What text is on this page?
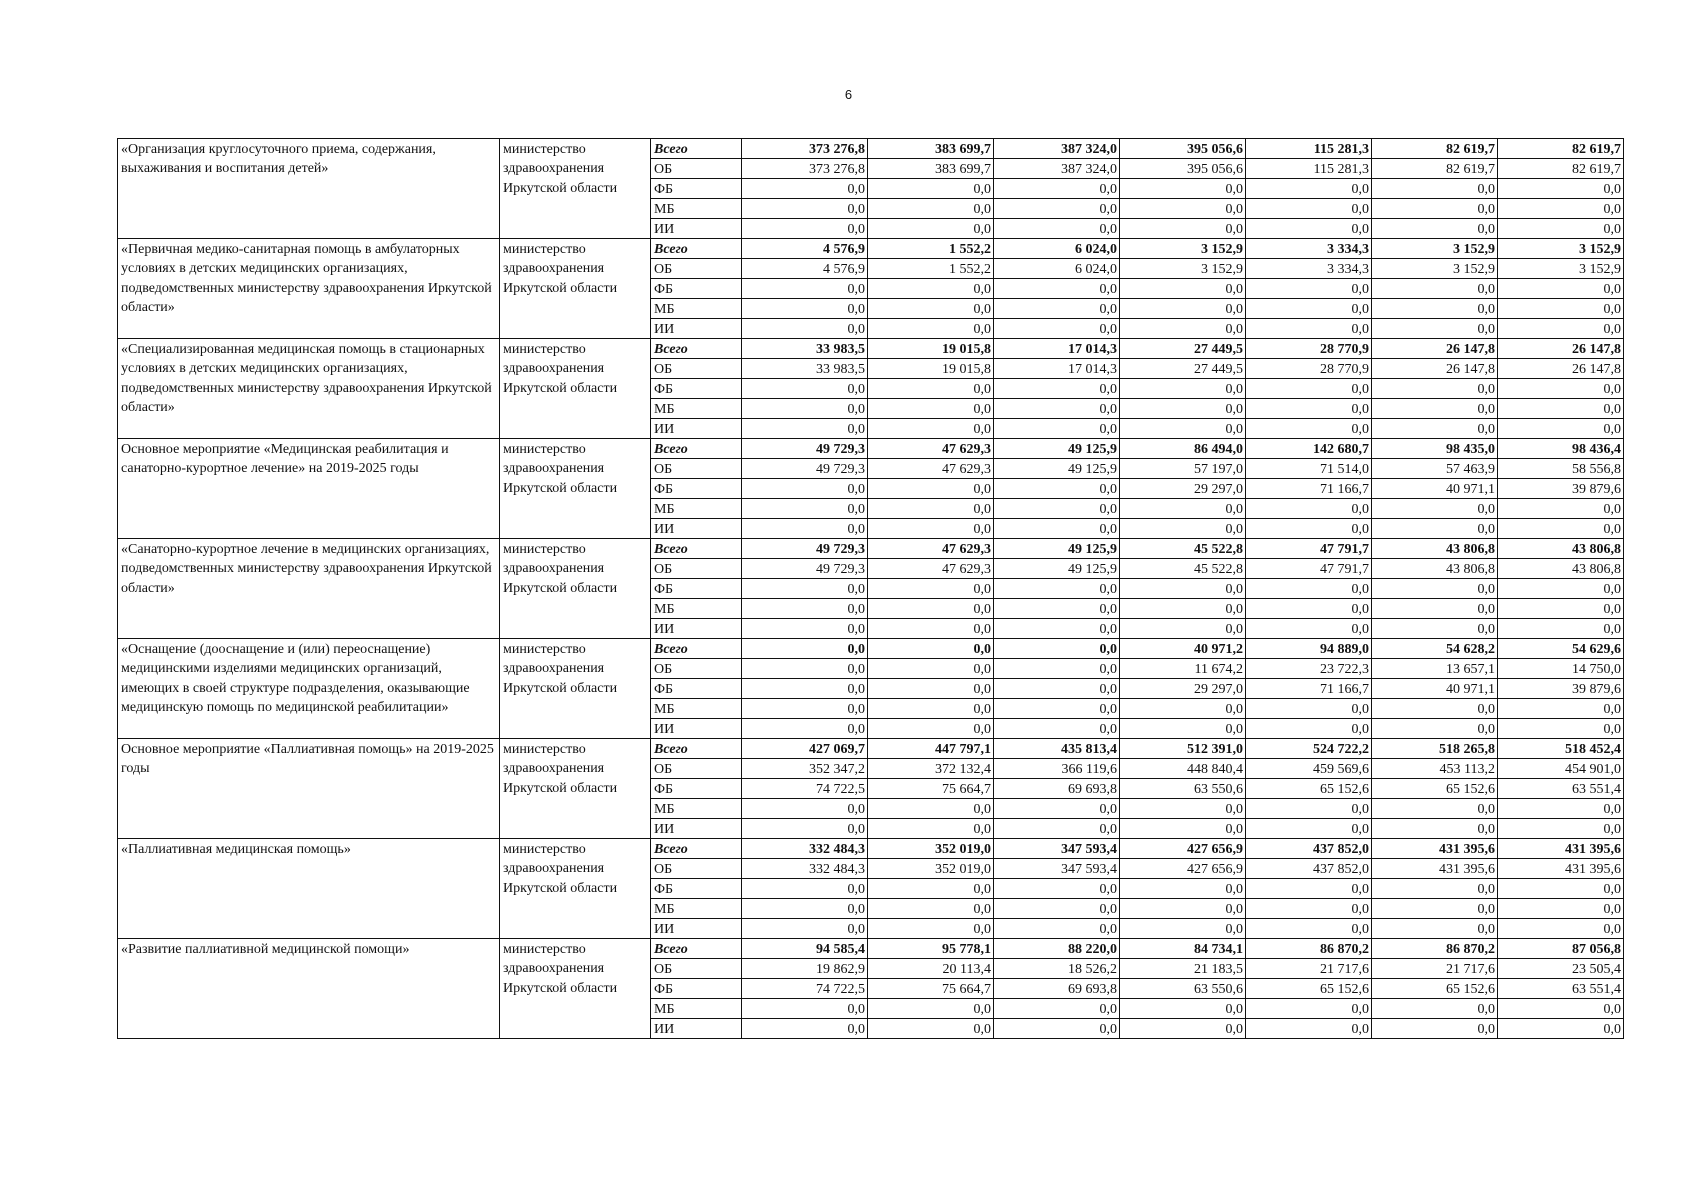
6
«Организация круглосуточного приема, содержания, выхаживания и воспитания детей»	министерство здравоохранения Иркутской области	Всего	373 276,8	383 699,7	387 324,0	395 056,6	115 281,3	82 619,7	82 619,7
		ОБ	373 276,8	383 699,7	387 324,0	395 056,6	115 281,3	82 619,7	82 619,7
		ФБ	0,0	0,0	0,0	0,0	0,0	0,0	0,0
		МБ	0,0	0,0	0,0	0,0	0,0	0,0	0,0
		ИИ	0,0	0,0	0,0	0,0	0,0	0,0	0,0
«Первичная медико-санитарная помощь в амбулаторных условиях в детских медицинских организациях, подведомственных министерству здравоохранения Иркутской области»	министерство здравоохранения Иркутской области	Всего	4 576,9	1 552,2	6 024,0	3 152,9	3 334,3	3 152,9	3 152,9
		ОБ	4 576,9	1 552,2	6 024,0	3 152,9	3 334,3	3 152,9	3 152,9
		ФБ	0,0	0,0	0,0	0,0	0,0	0,0	0,0
		МБ	0,0	0,0	0,0	0,0	0,0	0,0	0,0
		ИИ	0,0	0,0	0,0	0,0	0,0	0,0	0,0
«Специализированная медицинская помощь в стационарных условиях в детских медицинских организациях, подведомственных министерству здравоохранения Иркутской области»	министерство здравоохранения Иркутской области	Всего	33 983,5	19 015,8	17 014,3	27 449,5	28 770,9	26 147,8	26 147,8
		ОБ	33 983,5	19 015,8	17 014,3	27 449,5	28 770,9	26 147,8	26 147,8
		ФБ	0,0	0,0	0,0	0,0	0,0	0,0	0,0
		МБ	0,0	0,0	0,0	0,0	0,0	0,0	0,0
		ИИ	0,0	0,0	0,0	0,0	0,0	0,0	0,0
Основное мероприятие «Медицинская реабилитация и санаторно-курортное лечение» на 2019-2025 годы	министерство здравоохранения Иркутской области	Всего	49 729,3	47 629,3	49 125,9	86 494,0	142 680,7	98 435,0	98 436,4
		ОБ	49 729,3	47 629,3	49 125,9	57 197,0	71 514,0	57 463,9	58 556,8
		ФБ	0,0	0,0	0,0	29 297,0	71 166,7	40 971,1	39 879,6
		МБ	0,0	0,0	0,0	0,0	0,0	0,0	0,0
		ИИ	0,0	0,0	0,0	0,0	0,0	0,0	0,0
«Санаторно-курортное лечение в медицинских организациях, подведомственных министерству здравоохранения Иркутской области»	министерство здравоохранения Иркутской области	Всего	49 729,3	47 629,3	49 125,9	45 522,8	47 791,7	43 806,8	43 806,8
		ОБ	49 729,3	47 629,3	49 125,9	45 522,8	47 791,7	43 806,8	43 806,8
		ФБ	0,0	0,0	0,0	0,0	0,0	0,0	0,0
		МБ	0,0	0,0	0,0	0,0	0,0	0,0	0,0
		ИИ	0,0	0,0	0,0	0,0	0,0	0,0	0,0
«Оснащение (дооснащение и (или) переоснащение) медицинскими изделиями медицинских организаций, имеющих в своей структуре подразделения, оказывающие медицинскую помощь по медицинской реабилитации»	министерство здравоохранения Иркутской области	Всего	0,0	0,0	0,0	40 971,2	94 889,0	54 628,2	54 629,6
		ОБ	0,0	0,0	0,0	11 674,2	23 722,3	13 657,1	14 750,0
		ФБ	0,0	0,0	0,0	29 297,0	71 166,7	40 971,1	39 879,6
		МБ	0,0	0,0	0,0	0,0	0,0	0,0	0,0
		ИИ	0,0	0,0	0,0	0,0	0,0	0,0	0,0
Основное мероприятие «Паллиативная помощь» на 2019-2025 годы	министерство здравоохранения Иркутской области	Всего	427 069,7	447 797,1	435 813,4	512 391,0	524 722,2	518 265,8	518 452,4
		ОБ	352 347,2	372 132,4	366 119,6	448 840,4	459 569,6	453 113,2	454 901,0
		ФБ	74 722,5	75 664,7	69 693,8	63 550,6	65 152,6	65 152,6	63 551,4
		МБ	0,0	0,0	0,0	0,0	0,0	0,0	0,0
		ИИ	0,0	0,0	0,0	0,0	0,0	0,0	0,0
«Паллиативная медицинская помощь»	министерство здравоохранения Иркутской области	Всего	332 484,3	352 019,0	347 593,4	427 656,9	437 852,0	431 395,6	431 395,6
		ОБ	332 484,3	352 019,0	347 593,4	427 656,9	437 852,0	431 395,6	431 395,6
		ФБ	0,0	0,0	0,0	0,0	0,0	0,0	0,0
		МБ	0,0	0,0	0,0	0,0	0,0	0,0	0,0
		ИИ	0,0	0,0	0,0	0,0	0,0	0,0	0,0
«Развитие паллиативной медицинской помощи»	министерство здравоохранения Иркутской области	Всего	94 585,4	95 778,1	88 220,0	84 734,1	86 870,2	86 870,2	87 056,8
		ОБ	19 862,9	20 113,4	18 526,2	21 183,5	21 717,6	21 717,6	23 505,4
		ФБ	74 722,5	75 664,7	69 693,8	63 550,6	65 152,6	65 152,6	63 551,4
		МБ	0,0	0,0	0,0	0,0	0,0	0,0	0,0
		ИИ	0,0	0,0	0,0	0,0	0,0	0,0	0,0
